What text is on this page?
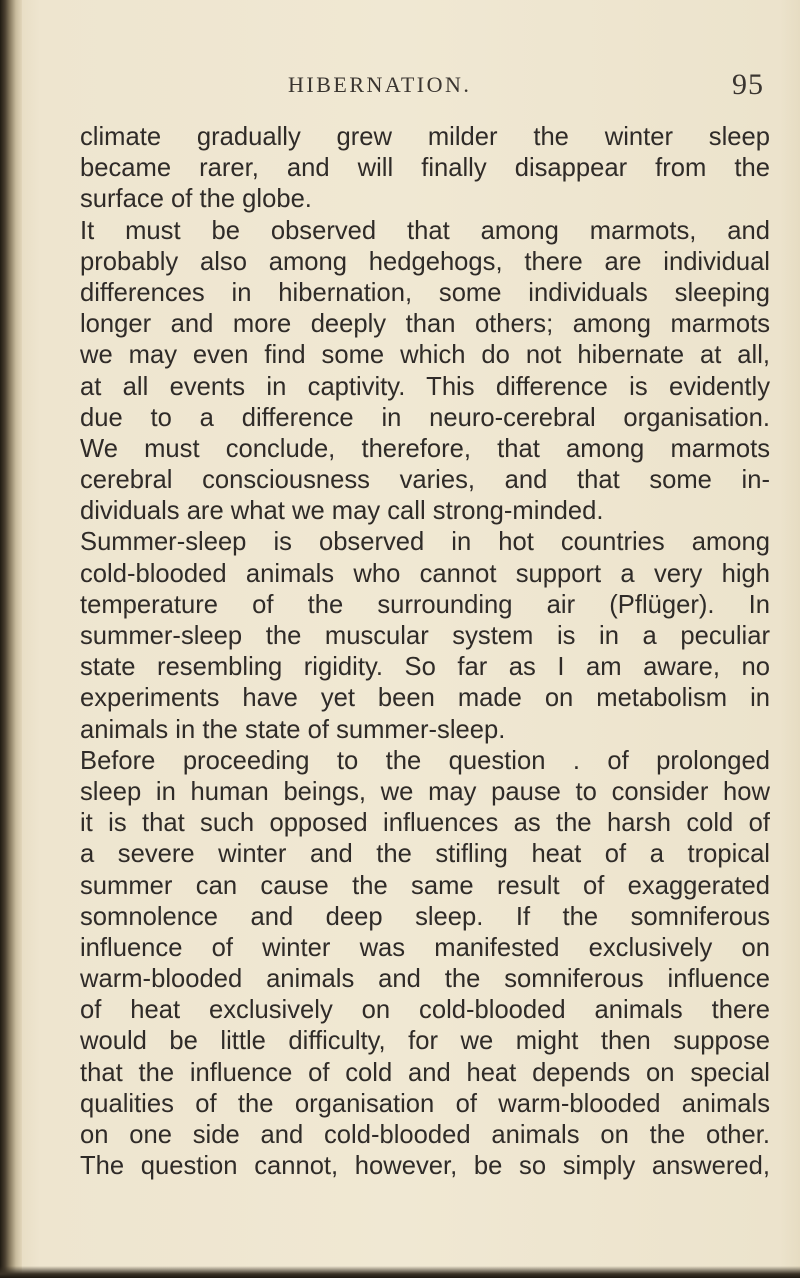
HIBERNATION.	95
climate gradually grew milder the winter sleep
became rarer, and will finally disappear from the
surface of the globe.
It must be observed that among marmots, and
probably also among hedgehogs, there are individual
differences in hibernation, some individuals sleeping
longer and more deeply than others; among marmots
we may even find some which do not hibernate at all,
at all events in captivity. This difference is evidently
due to a difference in neuro-cerebral organisation.
We must conclude, therefore, that among marmots
cerebral consciousness varies, and that some in-
dividuals are what we may call strong-minded.
Summer-sleep is observed in hot countries among
cold-blooded animals who cannot support a very high
temperature of the surrounding air (Pflüger). In
summer-sleep the muscular system is in a peculiar
state resembling rigidity. So far as I am aware, no
experiments have yet been made on metabolism in
animals in the state of summer-sleep.
Before proceeding to the question . of prolonged
sleep in human beings, we may pause to consider how
it is that such opposed influences as the harsh cold of
a severe winter and the stifling heat of a tropical
summer can cause the same result of exaggerated
somnolence and deep sleep. If the somniferous
influence of winter was manifested exclusively on
warm-blooded animals and the somniferous influence
of heat exclusively on cold-blooded animals there
would be little difficulty, for we might then suppose
that the influence of cold and heat depends on special
qualities of the organisation of warm-blooded animals
on one side and cold-blooded animals on the other.
The question cannot, however, be so simply answered,
